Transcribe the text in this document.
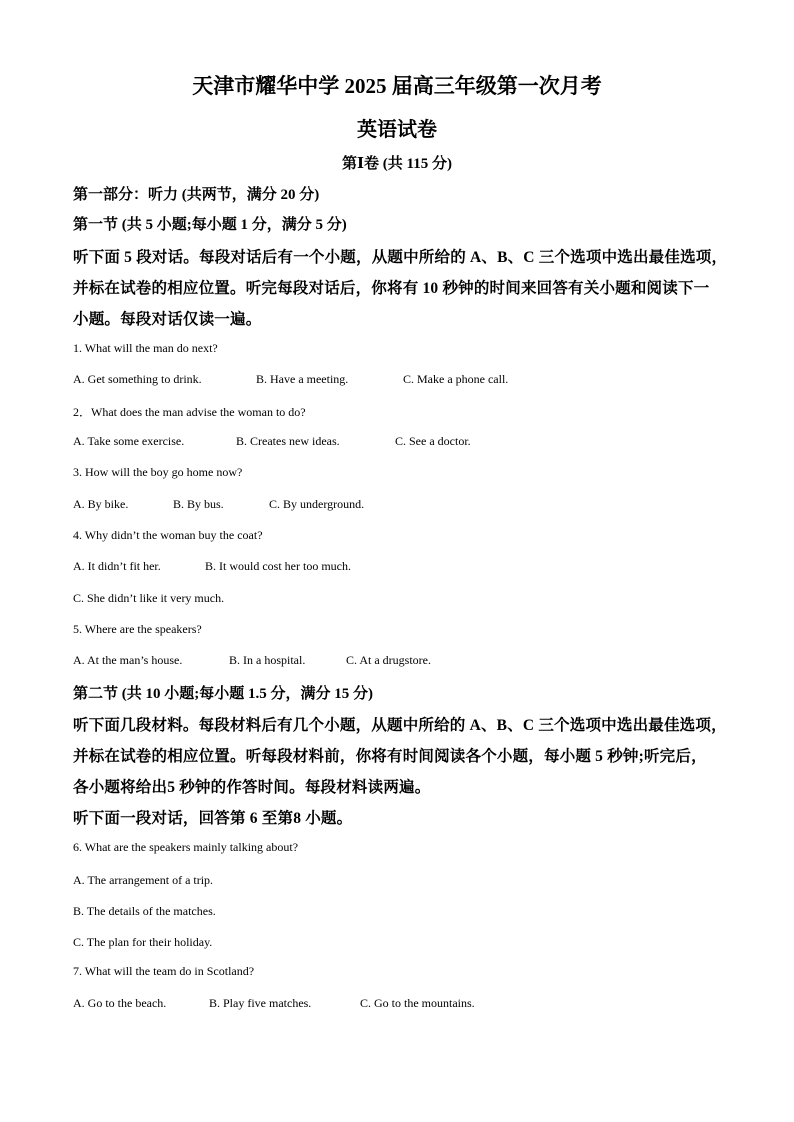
天津市耀华中学 2025 届高三年级第一次月考
英语试卷
第Ⅰ卷 (共 115 分)
第一部分：听力 (共两节，满分 20 分)
第一节 (共 5 小题;每小题 1 分，满分 5 分)
听下面 5 段对话。每段对话后有一个小题，从题中所给的 A、B、C 三个选项中选出最佳选项，
并标在试卷的相应位置。听完每段对话后，你将有 10 秒钟的时间来回答有关小题和阅读下一
小题。每段对话仅读一遍。
1. What will the man do next?
A. Get something to drink.	B. Have a meeting.	C. Make a phone call.
2．What does the man advise the woman to do?
A. Take some exercise.	B. Creates new ideas.	C. See a doctor.
3. How will the boy go home now?
A. By bike.	B. By bus.	C. By underground.
4. Why didn’t the woman buy the coat?
A. It didn’t fit her.	B. It would cost her too much.
C. She didn’t like it very much.
5. Where are the speakers?
A. At the man’s house.	B. In a hospital.	C. At a drugstore.
第二节 (共 10 小题;每小题 1.5 分，满分 15 分)
听下面几段材料。每段材料后有几个小题，从题中所给的 A、B、C 三个选项中选出最佳选项，
并标在试卷的相应位置。听每段材料前，你将有时间阅读各个小题，每小题 5 秒钟;听完后，
各小题将给出5 秒钟的作答时间。每段材料读两遍。
听下面一段对话，回答第 6 至第8 小题。
6. What are the speakers mainly talking about?
A. The arrangement of a trip.
B. The details of the matches.
C. The plan for their holiday.
7. What will the team do in Scotland?
A. Go to the beach.	B. Play five matches.	C. Go to the mountains.
